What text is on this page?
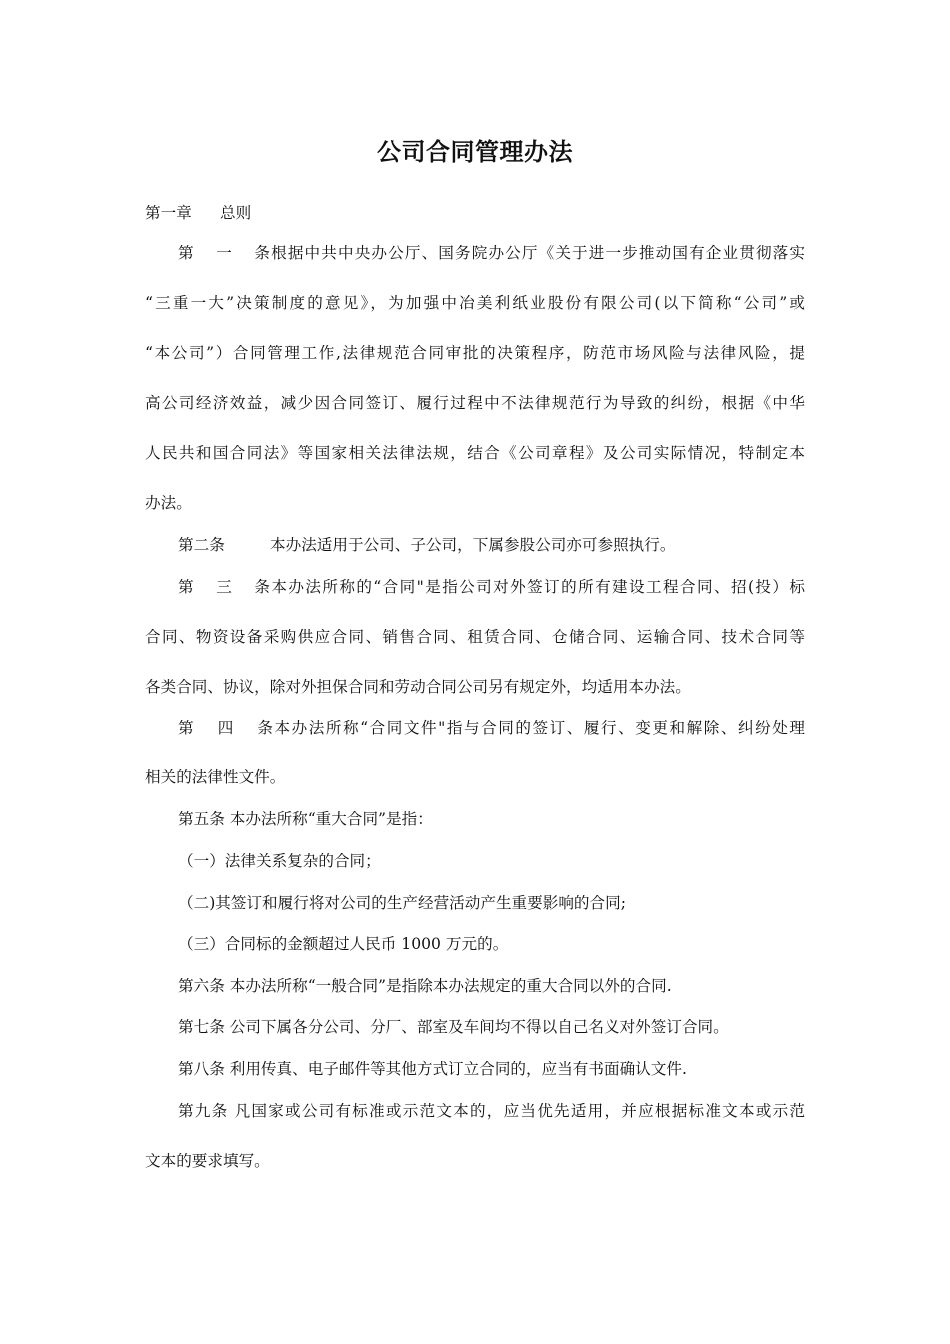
公司合同管理办法
第一章 总则
第一条根据中共中央办公厅、国务院办公厅《关于进一步推动国有企业贯彻落实
“三重一大”决策制度的意见》，为加强中冶美利纸业股份有限公司(以下简称“公司”或
“本公司”）合同管理工作,法律规范合同审批的决策程序，防范市场风险与法律风险，提
高公司经济效益，减少因合同签订、履行过程中不法律规范行为导致的纠纷，根据《中华
人民共和国合同法》等国家相关法律法规，结合《公司章程》及公司实际情况，特制定本
办法。
第二条	本办法适用于公司、子公司，下属参股公司亦可参照执行。
第三条本办法所称的“合同"是指公司对外签订的所有建设工程合同、招(投）标
合同、物资设备采购供应合同、销售合同、租赁合同、仓储合同、运输合同、技术合同等
各类合同、协议，除对外担保合同和劳动合同公司另有规定外，均适用本办法。
第四条本办法所称“合同文件"指与合同的签订、履行、变更和解除、纠纷处理
相关的法律性文件。
第五条 本办法所称“重大合同”是指：
（一）法律关系复杂的合同；
（二)其签订和履行将对公司的生产经营活动产生重要影响的合同;
（三）合同标的金额超过人民币 1000 万元的。
第六条 本办法所称“一般合同”是指除本办法规定的重大合同以外的合同.
第七条 公司下属各分公司、分厂、部室及车间均不得以自己名义对外签订合同。
第八条 利用传真、电子邮件等其他方式订立合同的，应当有书面确认文件.
第九条 凡国家或公司有标准或示范文本的，应当优先适用，并应根据标准文本或示范
文本的要求填写。
